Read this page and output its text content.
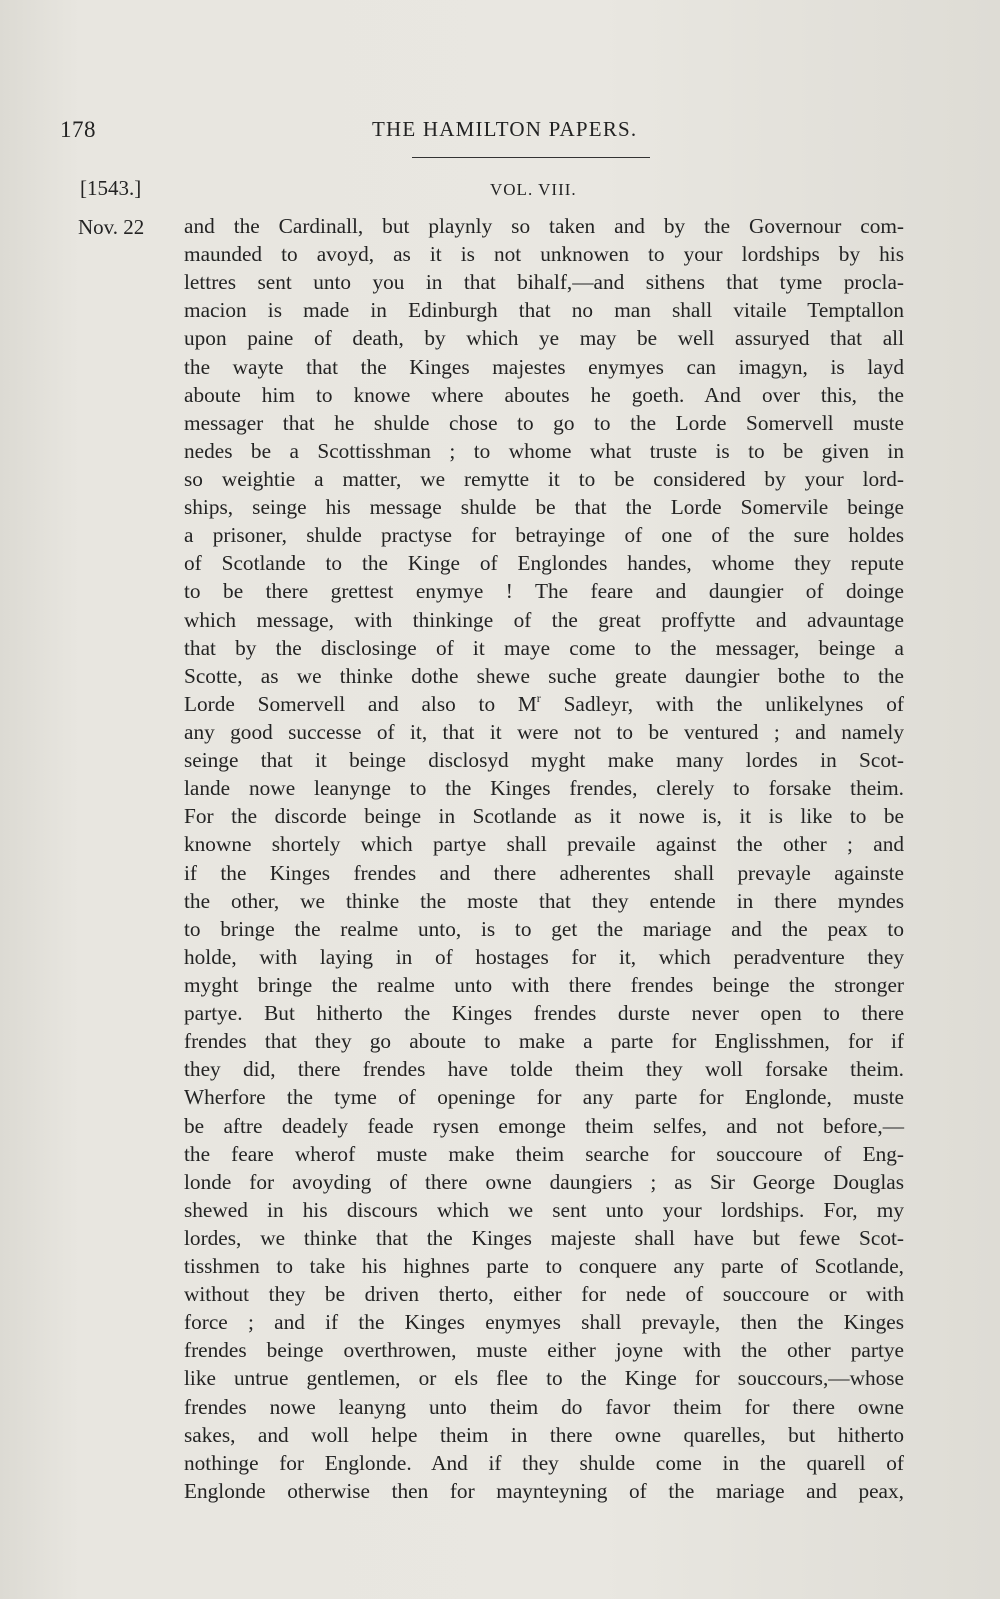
178	THE HAMILTON PAPERS.
[1543.]	VOL. VIII.
Nov. 22 and the Cardinall, but playnly so taken and by the Governour com-
maunded to avoyd, as it is not unknowen to your lordships by his
lettres sent unto you in that bihalf,—and sithens that tyme procla-
macion is made in Edinburgh that no man shall vitaile Temptallon
upon paine of death, by which ye may be well assuryed that all
the wayte that the Kinges majestes enymyes can imagyn, is layd
aboute him to knowe where aboutes he goeth. And over this, the
messager that he shulde chose to go to the Lorde Somervell muste
nedes be a Scottisshman ; to whome what truste is to be given in
so weightie a matter, we remytte it to be considered by your lord-
ships, seinge his message shulde be that the Lorde Somervile beinge
a prisoner, shulde practyse for betrayinge of one of the sure holdes
of Scotlande to the Kinge of Englondes handes, whome they repute
to be there grettest enymye ! The feare and daungier of doinge
which message, with thinkinge of the great proffytte and advauntage
that by the disclosinge of it maye come to the messager, beinge a
Scotte, as we thinke dothe shewe suche greate daungier bothe to the
Lorde Somervell and also to $M^r$ Sadleyr, with the unlikelynes of
any good successe of it, that it were not to be ventured ; and namely
seinge that it beinge disclosyd myght make many lordes in Scot-
lande nowe leanynge to the Kinges frendes, clerely to forsake theim.
For the discorde beinge in Scotlande as it nowe is, it is like to be
knowne shortely which partye shall prevaile against the other ; and
if the Kinges frendes and there adherentes shall prevayle againste
the other, we thinke the moste that they entende in there myndes
to bringe the realme unto, is to get the mariage and the peax to
holde, with laying in of hostages for it, which peradventure they
myght bringe the realme unto with there frendes beinge the stronger
partye. But hitherto the Kinges frendes durste never open to there
frendes that they go aboute to make a parte for Englisshmen, for if
they did, there frendes have tolde theim they woll forsake theim.
Wherfore the tyme of openinge for any parte for Englonde, muste
be aftre deadely feade rysen emonge theim selfes, and not before,—
the feare wherof muste make theim searche for souccoure of Eng-
londe for avoyding of there owne daungiers ; as Sir George Douglas
shewed in his discours which we sent unto your lordships. For, my
lordes, we thinke that the Kinges majeste shall have but fewe Scot-
tisshmen to take his highnes parte to conquere any parte of Scotlande,
without they be driven therto, either for nede of souccoure or with
force ; and if the Kinges enymyes shall prevayle, then the Kinges
frendes beinge overthrowen, muste either joyne with the other partye
like untrue gentlemen, or els flee to the Kinge for souccours,—whose
frendes nowe leanyng unto theim do favor theim for there owne
sakes, and woll helpe theim in there owne quarelles, but hitherto
nothinge for Englonde. And if they shulde come in the quarell of
Englonde otherwise then for maynteyning of the mariage and peax,
